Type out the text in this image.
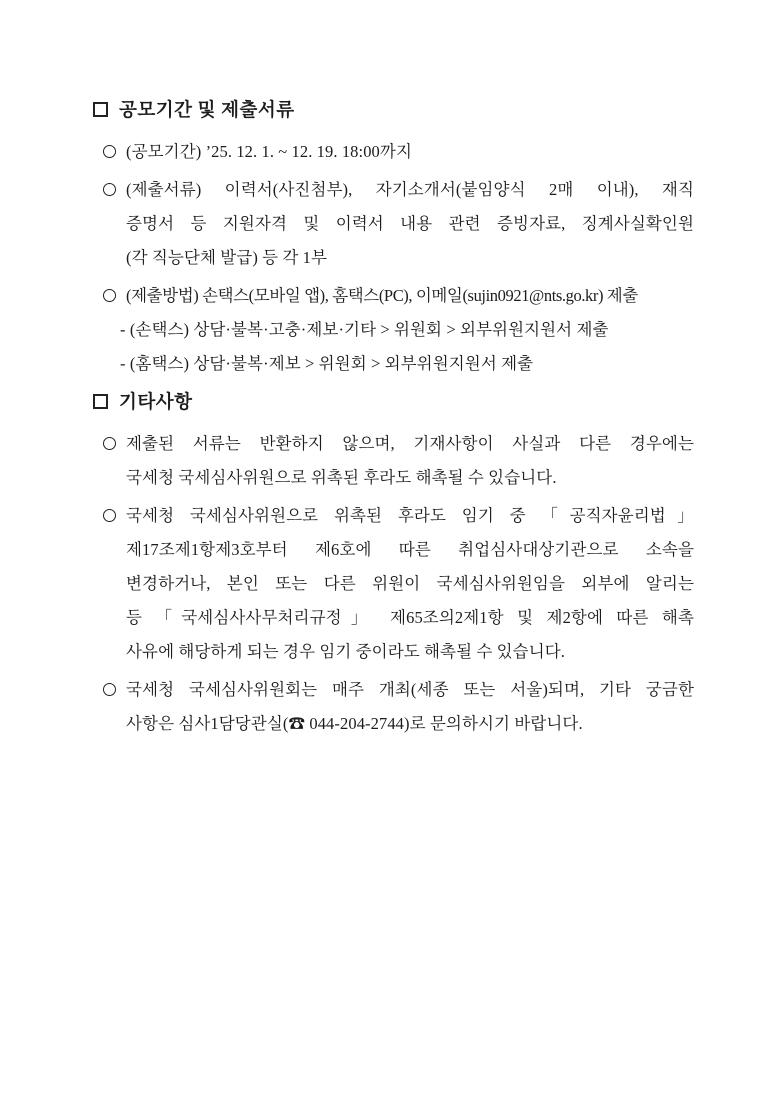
공모기간 및 제출서류
(공모기간) ’25. 12. 1. ~ 12. 19. 18:00까지
(제출서류) 이력서(사진첨부), 자기소개서(붙임양식 2매 이내), 재직
증명서 등 지원자격 및 이력서 내용 관련 증빙자료, 징계사실확인원
(각 직능단체 발급) 등 각 1부
(제출방법) 손택스(모바일 앱), 홈택스(PC), 이메일(sujin0921@nts.go.kr) 제출
- (손택스) 상담·불복·고충·제보·기타 > 위원회 > 외부위원지원서 제출
- (홈택스) 상담·불복·제보 > 위원회 > 외부위원지원서 제출
기타사항
제출된 서류는 반환하지 않으며, 기재사항이 사실과 다른 경우에는
국세청 국세심사위원으로 위촉된 후라도 해촉될 수 있습니다.
국세청 국세심사위원으로 위촉된 후라도 임기 중 「공직자윤리법」
제17조제1항제3호부터 제6호에 따른 취업심사대상기관으로 소속을
변경하거나, 본인 또는 다른 위원이 국세심사위원임을 외부에 알리는
등 「국세심사사무처리규정」 제65조의2제1항 및 제2항에 따른 해촉
사유에 해당하게 되는 경우 임기 중이라도 해촉될 수 있습니다.
국세청 국세심사위원회는 매주 개최(세종 또는 서울)되며, 기타 궁금한
사항은 심사1담당관실(☎ 044-204-2744)로 문의하시기 바랍니다.
